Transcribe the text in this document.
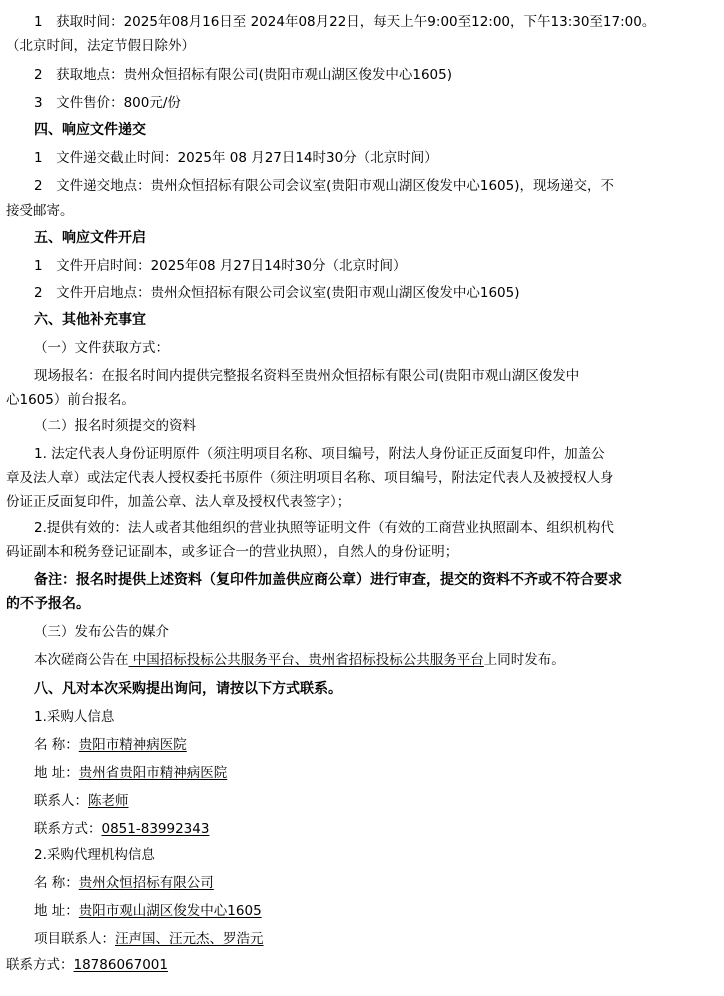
1　获取时间：2025年08月16日至 2024年08月22日，每天上午9:00至12:00，下午13:30至17:00。
（北京时间，法定节假日除外）
2　获取地点：贵州众恒招标有限公司(贵阳市观山湖区俊发中心1605)
3　文件售价：800元/份
四、响应文件递交
1　文件递交截止时间：2025年 08 月27日14时30分（北京时间）
2　文件递交地点：贵州众恒招标有限公司会议室(贵阳市观山湖区俊发中心1605)，现场递交，不
接受邮寄。
五、响应文件开启
1　文件开启时间：2025年08 月27日14时30分（北京时间）
2　文件开启地点：贵州众恒招标有限公司会议室(贵阳市观山湖区俊发中心1605)
六、其他补充事宜
（一）文件获取方式：
现场报名：在报名时间内提供完整报名资料至贵州众恒招标有限公司(贵阳市观山湖区俊发中
心1605）前台报名。
（二）报名时须提交的资料
1. 法定代表人身份证明原件（须注明项目名称、项目编号，附法人身份证正反面复印件，加盖公
章及法人章）或法定代表人授权委托书原件（须注明项目名称、项目编号，附法定代表人及被授权人身
份证正反面复印件，加盖公章、法人章及授权代表签字）；
2.提供有效的：法人或者其他组织的营业执照等证明文件（有效的工商营业执照副本、组织机构代
码证副本和税务登记证副本，或多证合一的营业执照），自然人的身份证明；
备注：报名时提供上述资料（复印件加盖供应商公章）进行审查，提交的资料不齐或不符合要求
的不予报名。
（三）发布公告的媒介
本次磋商公告在 中国招标投标公共服务平台、贵州省招标投标公共服务平台上同时发布。
八、凡对本次采购提出询问，请按以下方式联系。
1.采购人信息
名 称：贵阳市精神病医院
地 址：贵州省贵阳市精神病医院
联系人：陈老师
联系方式：0851-83992343
2.采购代理机构信息
名 称：贵州众恒招标有限公司
地 址：贵阳市观山湖区俊发中心1605
项目联系人：汪声国、汪元杰、罗浩元
联系方式：18786067001
